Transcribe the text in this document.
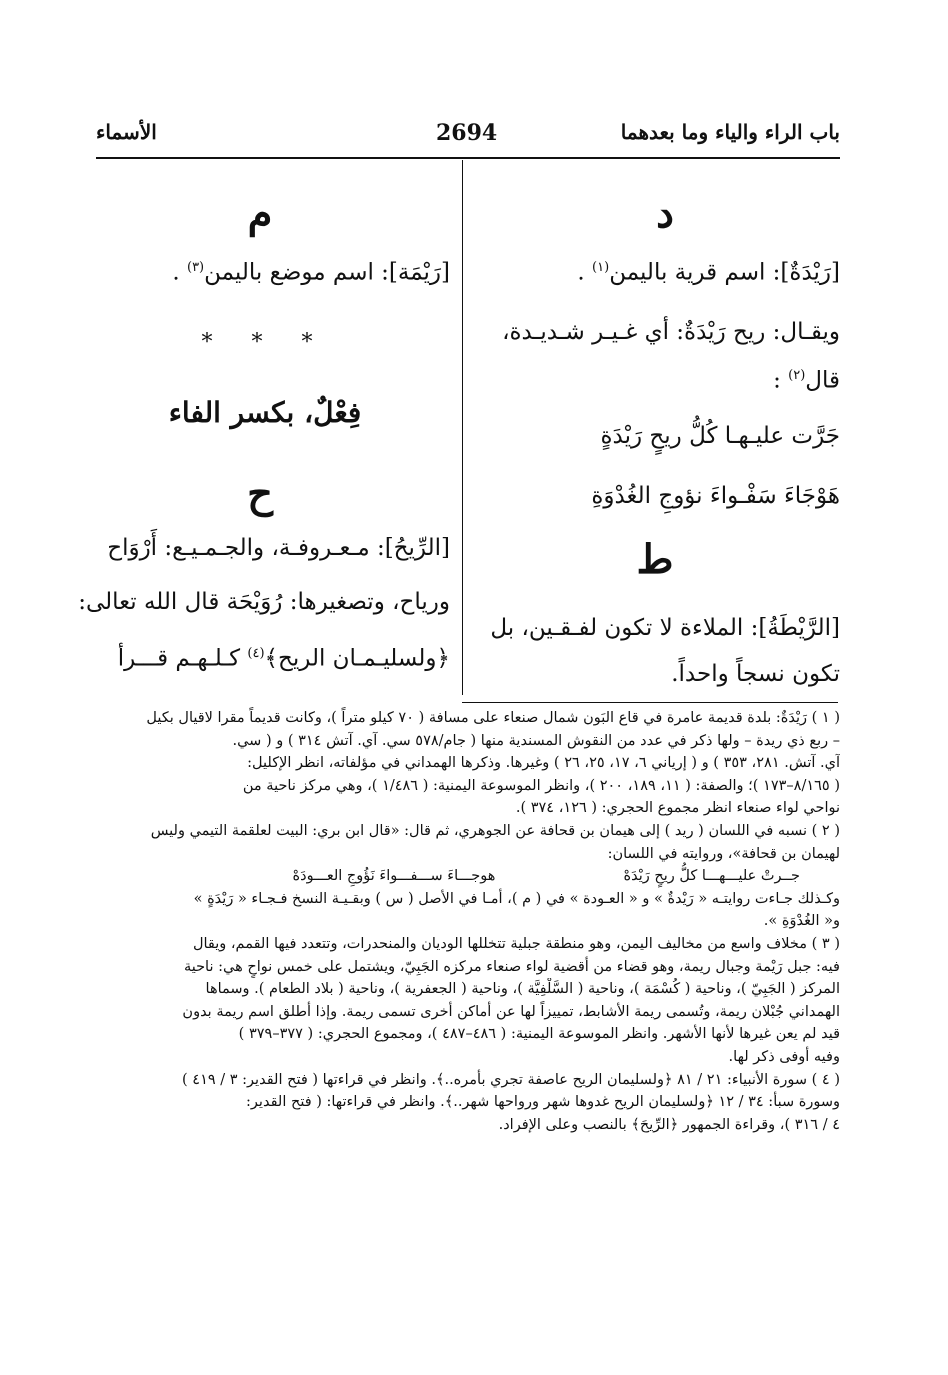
باب الراء والياء وما بعدهما
2694
الأسماء
د
[رَيْدَةٌ]: اسم قرية باليمن$^{(١)}$ .
ويقـال: ريح رَيْدَةٌ: أي غـيـر شـديـدة،
قال$^{(٢)}$ :
جَرَّت عليـهـا كُلُّ ريحٍ رَيْدَةٍ
هَوْجَاءَ سَفْـواءَ نؤوجِ الغُدْوَةِ
ط
[الرَّيْطَةُ]: الملاءة لا تكون لفـقـين، بل
تكون نسجاً واحداً.
م
[رَيْمَة]: اسم موضع باليمن$^{(٣)}$ .
* * *
فِعْلٌ، بكسر الفاء
ح
[الرِّيحُ]: مـعـروفـة، والجـمـيـع: أَرْوَاح
ورياح، وتصغيرها: رُوَيْحَة قال الله تعالى:
﴿ولسليـمـان الريح﴾$^{(٤)}$ كـلـهـم قـــرأ
( ١ ) رَيْدَةٌ: بلدة قديمة عامرة في قاع البَون شمال صنعاء على مسافة ( ٧٠ كيلو متراً )، وكانت قديماً مقرا لاقيال بكيل
– ربع ذي ريدة – ولها ذكر في عدد من النقوش المسندية منها ( جام/٥٧٨ سي. آي. آتش ٣١٤ ) و ( سي.
آي. آتش. ٢٨١، ٣٥٣ ) و ( إرياني ٦، ١٧، ٢٥، ٢٦ ) وغيرها. وذكرها الهمداني في مؤلفاته، انظر الإكليل:
( ٨/١٦٥–١٧٣ )؛ والصفة: ( ١١، ١٨٩، ٢٠٠ )، وانظر الموسوعة اليمنية: ( ١/٤٨٦ )، وهي مركز ناحية من
نواحي لواء صنعاء انظر مجموع الحجري: ( ١٢٦، ٣٧٤ ).
( ٢ ) نسبه في اللسان ( ريد ) إلى هيمان بن قحافة عن الجوهري، ثم قال: «قال ابن بري: البيت لعلقمة التيمي وليس
لهيمان بن قحافة»، وروايته في اللسان:
جــرتْ عليـــهـــا كلُّ ريحٍ رَيْدَهْ هوجـــاءَ ســـفـــواءَ نَؤُوجِ العـــودَهْ
وكـذلك جـاءت روايتـه « رَيْدةٌ » و « العـودة » في ( م )، أمـا في الأصل ( س ) وبقـيـة النسخ فـجـاء « رَيْدَةٍ »
و« الغُدْوَةِ ».
( ٣ ) مخلاف واسع من مخاليف اليمن، وهو منطقة جبلية تتخللها الوديان والمنحدرات، وتتعدد فيها القمم، ويقال
فيه: جبل رَيْمة وجبال ريمة، وهو قضاء من أقضية لواء صنعاء مركزه الجَبِيّ، ويشتمل على خمس نواحٍ هي: ناحية
المركز ( الجَبِيّ )، وناحية ( كُسْمَة )، وناحية ( السَّلْفِيَّة )، وناحية ( الجعفرية )، وناحية ( بلاد الطعام ). وسماها
الهمداني جُبْلان ريمة، وتُسمى ريمة الأشابط، تمييزاً لها عن أماكن أخرى تسمى ريمة. وإذا أطلق اسم ريمة بدون
قيد لم يعن غيرها لأنها الأشهر. وانظر الموسوعة اليمنية: ( ٤٨٦–٤٨٧ )، ومجموع الحجري: ( ٣٧٧–٣٧٩ )
وفيه أوفى ذكر لها.
( ٤ ) سورة الأنبياء: ٢١ / ٨١ ﴿ولسليمان الريح عاصفة تجري بأمره..﴾. وانظر في قراءتها ( فتح القدير: ٣ / ٤١٩ )
وسورة سبأ: ٣٤ / ١٢ ﴿ولسليمان الريح غدوها شهر ورواحها شهر..﴾. وانظر في قراءتها: ( فتح القدير:
٤ / ٣١٦ )، وقراءة الجمهور ﴿الرِّيحَ﴾ بالنصب وعلى الإفراد.
